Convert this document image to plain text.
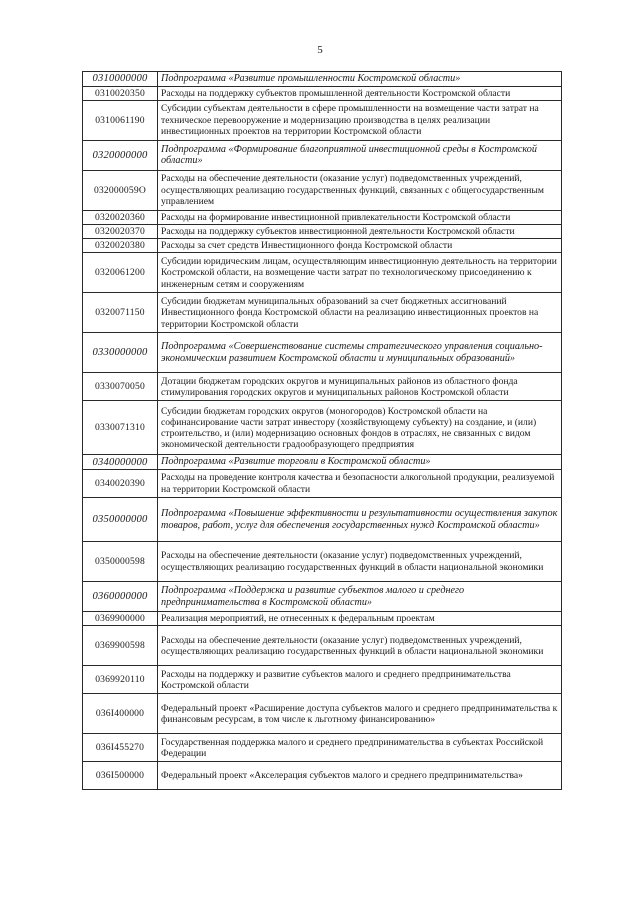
5
0310000000	Подпрограмма «Развитие промышленности Костромской области»
0310020350	Расходы на поддержку субъектов промышленной деятельности Костромской области
0310061190	Субсидии субъектам деятельности в сфере промышленности на возмещение части затрат на техническое перевооружение и модернизацию производства в целях реализации инвестиционных проектов на территории Костромской области
0320000000	Подпрограмма «Формирование благоприятной инвестиционной среды в Костромской области»
032000059O	Расходы на обеспечение деятельности (оказание услуг) подведомственных учреждений, осуществляющих реализацию государственных функций, связанных с общегосударственным управлением
0320020360	Расходы на формирование инвестиционной привлекательности Костромской области
0320020370	Расходы на поддержку субъектов инвестиционной деятельности Костромской области
0320020380	Расходы за счет средств Инвестиционного фонда Костромской области
0320061200	Субсидии юридическим лицам, осуществляющим инвестиционную деятельность на территории Костромской области, на возмещение части затрат по технологическому присоединению к инженерным сетям и сооружениям
0320071150	Субсидии бюджетам муниципальных образований за счет бюджетных ассигнований Инвестиционного фонда Костромской области на реализацию инвестиционных проектов на территории Костромской области
0330000000	Подпрограмма «Совершенствование системы стратегического управления социально-экономическим развитием Костромской области и муниципальных образований»
0330070050	Дотации бюджетам городских округов и муниципальных районов из областного фонда стимулирования городских округов и муниципальных районов Костромской области
0330071310	Субсидии бюджетам городских округов (моногородов) Костромской области на софинансирование части затрат инвестору (хозяйствующему субъекту) на создание, и (или) строительство, и (или) модернизацию основных фондов в отраслях, не связанных с видом экономической деятельности градообразующего предприятия
0340000000	Подпрограмма «Развитие торговли в Костромской области»
0340020390	Расходы на проведение контроля качества и безопасности алкогольной продукции, реализуемой на территории Костромской области
0350000000	Подпрограмма «Повышение эффективности и результативности осуществления закупок товаров, работ, услуг для обеспечения государственных нужд Костромской области»
0350000598	Расходы на обеспечение деятельности (оказание услуг) подведомственных учреждений, осуществляющих реализацию государственных функций в области национальной экономики
0360000000	Подпрограмма «Поддержка и развитие субъектов малого и среднего предпринимательства в Костромской области»
0369900000	Реализация мероприятий, не отнесенных к федеральным проектам
0369900598	Расходы на обеспечение деятельности (оказание услуг) подведомственных учреждений, осуществляющих реализацию государственных функций в области национальной экономики
0369920110	Расходы на поддержку и развитие субъектов малого и среднего предпринимательства Костромской области
036I400000	Федеральный проект «Расширение доступа субъектов малого и среднего предпринимательства к финансовым ресурсам, в том числе к льготному финансированию»
036I455270	Государственная поддержка малого и среднего предпринимательства в субъектах Российской Федерации
036I500000	Федеральный проект «Акселерация субъектов малого и среднего предпринимательства»
